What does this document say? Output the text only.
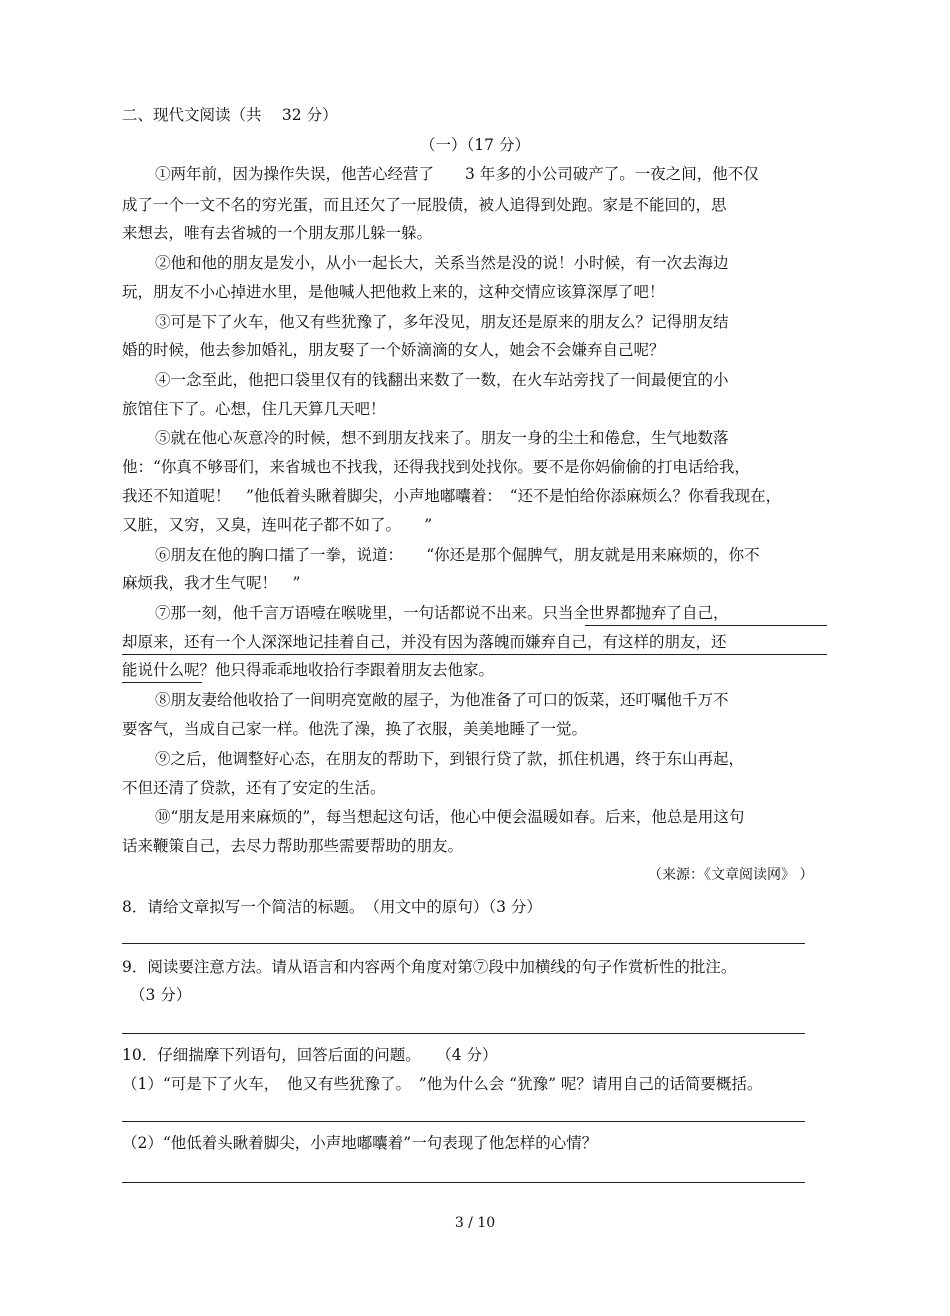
二、现代文阅读（共　 32 分）
（一）（17 分）
①两年前，因为操作失误，他苦心经营了　　3 年多的小公司破产了。一夜之间，他不仅
成了一个一文不名的穷光蛋，而且还欠了一屁股债，被人追得到处跑。家是不能回的，思
来想去，唯有去省城的一个朋友那儿躲一躲。
②他和他的朋友是发小，从小一起长大，关系当然是没的说！小时候，有一次去海边
玩，朋友不小心掉进水里，是他喊人把他救上来的，这种交情应该算深厚了吧！
③可是下了火车，他又有些犹豫了，多年没见，朋友还是原来的朋友么？记得朋友结
婚的时候，他去参加婚礼，朋友娶了一个娇滴滴的女人，她会不会嫌弃自己呢？
④一念至此，他把口袋里仅有的钱翻出来数了一数，在火车站旁找了一间最便宜的小
旅馆住下了。心想，住几天算几天吧！
⑤就在他心灰意冷的时候，想不到朋友找来了。朋友一身的尘土和倦怠，生气地数落
他：“你真不够哥们，来省城也不找我，还得我找到处找你。要不是你妈偷偷的打电话给我，
我还不知道呢！　”他低着头瞅着脚尖，小声地嘟囔着：　“还不是怕给你添麻烦么？你看我现在，
又脏，又穷，又臭，连叫花子都不如了。　　”
⑥朋友在他的胸口擂了一拳，说道：　　“你还是那个倔脾气，朋友就是用来麻烦的，你不
麻烦我，我才生气呢！　”
⑦那一刻，他千言万语噎在喉咙里，一句话都说不出来。只当全世界都抛弃了自己，
却原来，还有一个人深深地记挂着自己，并没有因为落魄而嫌弃自己，有这样的朋友，还
能说什么呢？他只得乖乖地收拾行李跟着朋友去他家。
⑧朋友妻给他收拾了一间明亮宽敞的屋子，为他准备了可口的饭菜，还叮嘱他千万不
要客气，当成自己家一样。他洗了澡，换了衣服，美美地睡了一觉。
⑨之后，他调整好心态，在朋友的帮助下，到银行贷了款，抓住机遇，终于东山再起，
不但还清了贷款，还有了安定的生活。
⑩“朋友是用来麻烦的”，每当想起这句话，他心中便会温暖如春。后来，他总是用这句
话来鞭策自己，去尽力帮助那些需要帮助的朋友。
（来源：《文章阅读网》 ）
8．请给文章拟写一个简洁的标题。　（用文中的原句）（3 分）
9．阅读要注意方法。请从语言和内容两个角度对第⑦段中加横线的句子作赏析性的批注。
（3 分）
10．仔细揣摩下列语句，回答后面的问题。　　（4 分）
（1）“可是下了火车，　他又有些犹豫了。　”他为什么会 “犹豫” 呢？请用自己的话简要概括。
（2）“他低着头瞅着脚尖，小声地嘟囔着”一句表现了他怎样的心情？
3 / 10
